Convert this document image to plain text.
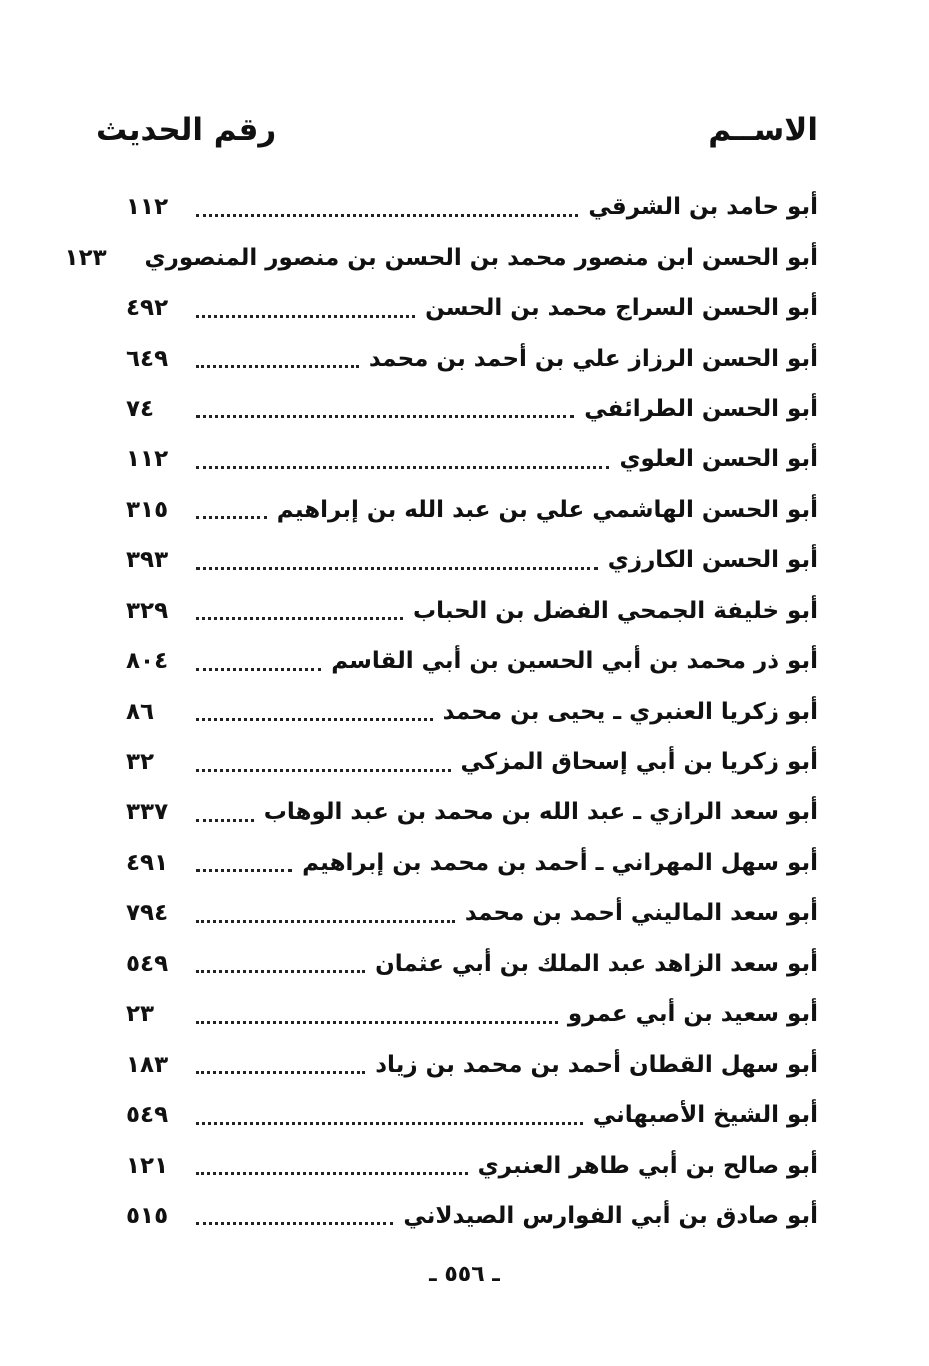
الاســم
رقم الحديث
أبو حامد بن الشرقي
١١٢
أبو الحسن ابن منصور محمد بن الحسن بن منصور المنصوري
١٢٣
أبو الحسن السراج محمد بن الحسن
٤٩٢
أبو الحسن الرزاز علي بن أحمد بن محمد
٦٤٩
أبو الحسن الطرائفي
٧٤
أبو الحسن العلوي
١١٢
أبو الحسن الهاشمي علي بن عبد الله بن إبراهيم
٣١٥
أبو الحسن الكارزي
٣٩٣
أبو خليفة الجمحي الفضل بن الحباب
٣٢٩
أبو ذر محمد بن أبي الحسين بن أبي القاسم
٨٠٤
أبو زكريا العنبري ـ يحيى بن محمد
٨٦
أبو زكريا بن أبي إسحاق المزكي
٣٢
أبو سعد الرازي ـ عبد الله بن محمد بن عبد الوهاب
٣٣٧
أبو سهل المهراني ـ أحمد بن محمد بن إبراهيم
٤٩١
أبو سعد الماليني أحمد بن محمد
٧٩٤
أبو سعد الزاهد عبد الملك بن أبي عثمان
٥٤٩
أبو سعيد بن أبي عمرو
٢٣
أبو سهل القطان أحمد بن محمد بن زياد
١٨٣
أبو الشيخ الأصبهاني
٥٤٩
أبو صالح بن أبي طاهر العنبري
١٢١
أبو صادق بن أبي الفوارس الصيدلاني
٥١٥
ـ ٥٥٦ ـ
